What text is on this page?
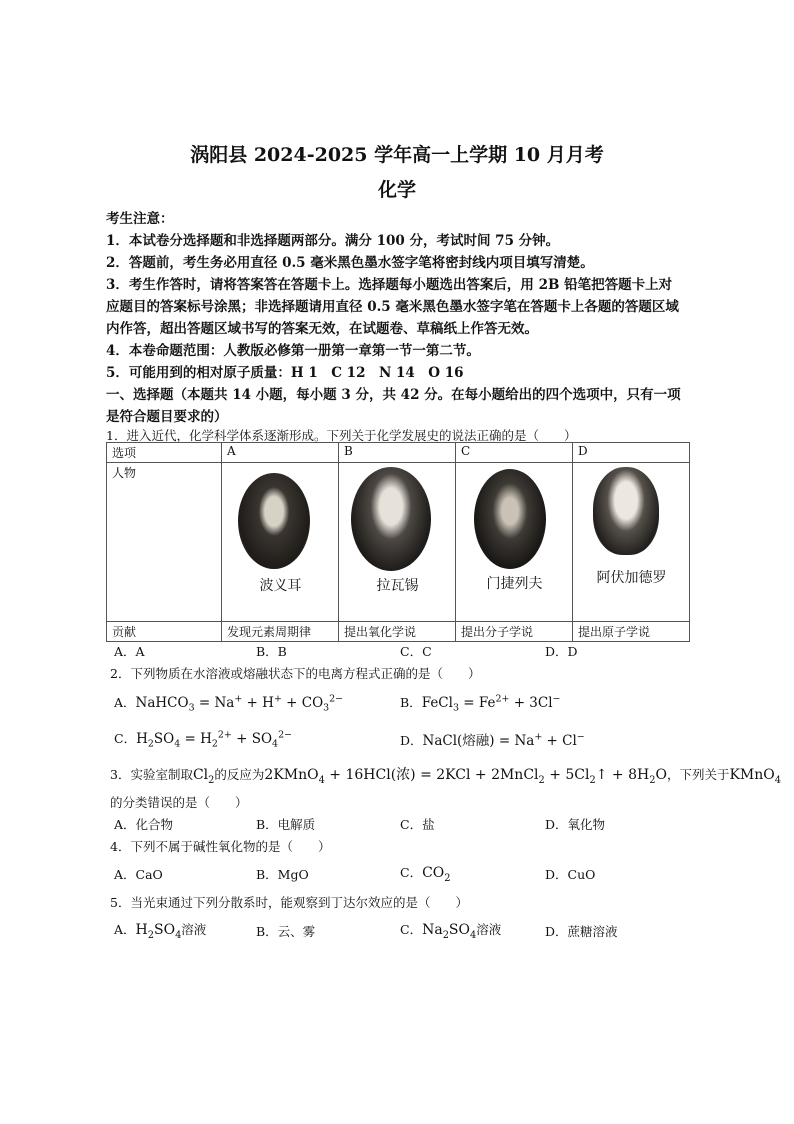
涡阳县 2024-2025 学年高一上学期 10 月月考
化学
考生注意：
1．本试卷分选择题和非选择题两部分。满分 100 分，考试时间 75 分钟。
2．答题前，考生务必用直径 0.5 毫米黑色墨水签字笔将密封线内项目填写清楚。
3．考生作答时，请将答案答在答题卡上。选择题每小题选出答案后，用 2B 铅笔把答题卡上对
应题目的答案标号涂黑；非选择题请用直径 0.5 毫米黑色墨水签字笔在答题卡上各题的答题区域
内作答，超出答题区域书写的答案无效，在试题卷、草稿纸上作答无效。
4．本卷命题范围：人教版必修第一册第一章第一节一第二节。
5．可能用到的相对原子质量：H 1　C 12　N 14　O 16
一、选择题（本题共 14 小题，每小题 3 分，共 42 分。在每小题给出的四个选项中，只有一项
是符合题目要求的）
1．进入近代，化学科学体系逐渐形成。下列关于化学发展史的说法正确的是（　　）
选项	A	B	C	D
人物	波义耳	拉瓦锡	门捷列夫	阿伏加德罗

贡献	发现元素周期律	提出氧化学说	提出分子学说	提出原子学说
A．A	B．B	C．C	D．D
2．下列物质在水溶液或熔融状态下的电离方程式正确的是（　　）
A．NaHCO$_3$ = $Na^+ + H^+ + CO_3^{2-}$	B．FeCl$_3$ = $Fe^{2+} + 3Cl^-$
C．$H_2SO_4 = H_2^{2+} + SO_4^{2-}$	D．NaCl(熔融) = Na+ + Cl−
3．实验室制取$Cl_2$的反应为2KMnO$_4$ + 16HCl(浓) = 2KCl + 2MnCl$_2$ + $5Cl_2↑ + 8H_2O$，下列关于KMnO$_4$
的分类错误的是（　　）
A．化合物	B．电解质	C．盐	D．氧化物
4．下列不属于碱性氧化物的是（　　）
A．CaO	B．MgO	C．$CO_2$	D．CuO
5．当光束通过下列分散系时，能观察到丁达尔效应的是（　　）
A．$H_2SO_4$溶液	B．云、雾	C．$Na_2SO_4$溶液	D．蔗糖溶液
